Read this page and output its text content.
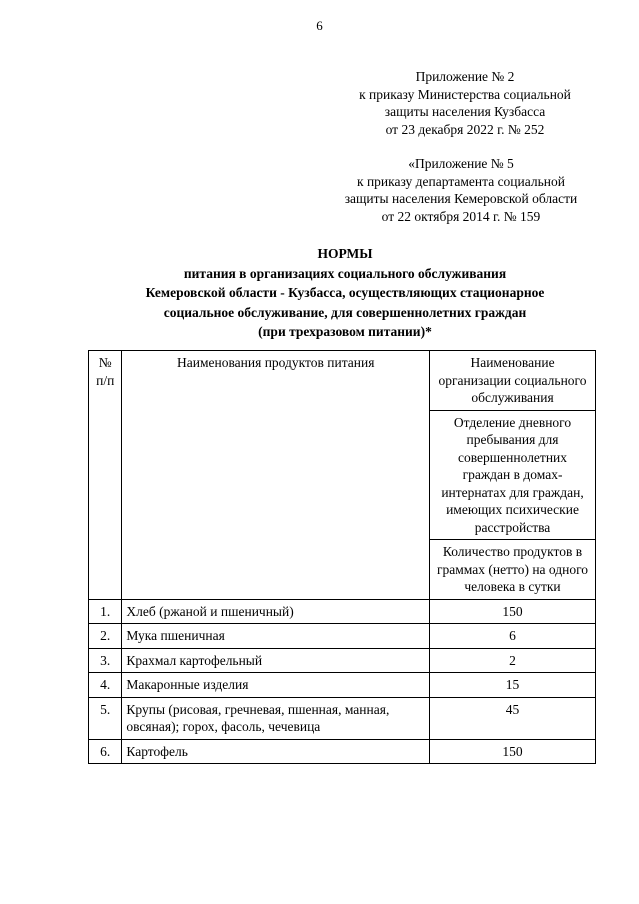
6
Приложение № 2
к приказу Министерства социальной
защиты населения Кузбасса
от 23 декабря 2022 г. № 252
«Приложение № 5
к приказу департамента социальной
защиты населения Кемеровской области
от 22 октября 2014 г. № 159
НОРМЫ
питания в организациях социального обслуживания
Кемеровской области - Кузбасса, осуществляющих стационарное
социальное обслуживание, для совершеннолетних граждан
(при трехразовом питании)*
№ п/п	Наименования продуктов питания	Наименование организации социального обслуживания
		Отделение дневного пребывания для совершеннолетних граждан в домах-интернатах для граждан, имеющих психические расстройства
		Количество продуктов в граммах (нетто) на одного человека в сутки
1.	Хлеб (ржаной и пшеничный)	150
2.	Мука пшеничная	6
3.	Крахмал картофельный	2
4.	Макаронные изделия	15
5.	Крупы (рисовая, гречневая, пшенная, манная, овсяная); горох, фасоль, чечевица	45
6.	Картофель	150
